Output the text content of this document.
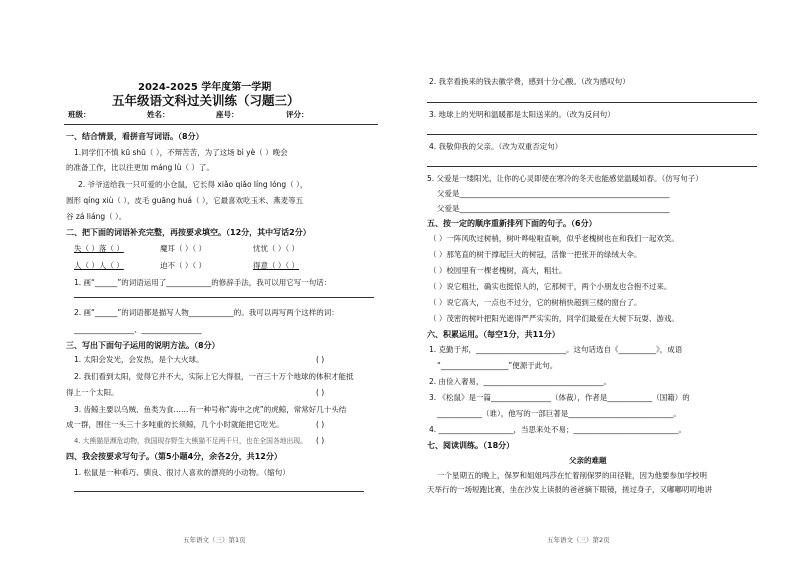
2024-2025 学年度第一学期
五年级语文科过关训练（习题三）
班级：	姓名：	座号：	评分：
一、结合情景，看拼音写词语。（8分）
1.同学们不慎 kū shū（ ），不辩苦苦，为了这场 bì yè（ ）晚会
的准备工作，比以往更加 máng lù（ ）了。
2. 爷爷送给我一只可爱的小仓鼠，它长得 xiǎo qiǎo líng lóng（ ），
圆形 qíng xiù（ ），皮毛 guāng huá（ ），它最喜欢吃玉米、燕麦等五
谷 zá liáng（ ）。
二、把下面的词语补充完整，再按要求填空。（12分，其中写话2分）
失（ ）落（ ）	魔耳（ ）（ ）	忧忧（ ）（ ）
人（ ）人（ ）	迫不（ ）（ ）	得意（ ）（ ）
1. 画“______”的词语运用了____________的修辞手法，我可以用它写一句话：
2. 画“______”的词语都是描写人物____________的。我可以再写两个这样的词：
________________、________________
三、写出下面句子运用的说明方法。（8分）
1. 太阳会发光，会发热，是个大火球。	( )
2. 我们看到太阳，觉得它并不大，实际上它大得很，一百三十万个地球的体积才能抵
得上一个太阳。	( )
3. 齿鲸主要以乌贼、鱼类为食……有一种号称“海中之虎”的虎鲸，常常好几十头结
成一群，围住一头三十多吨重的长须鲸，几个小时就能把它吃光。	( )
4. 大熊猫是濒危动物，我国现存野生大熊猫不足两千只，也在全国各地出现。 ( )
四、我会按要求写句子。（第5小题4分，余各2分，共12分）
1. 松鼠是一种乖巧、驯良、很讨人喜欢的漂亮的小动物。（缩句）
五年语文（三）第1页
2. 我幸看换来的钱去徽学费，感到十分心酸。（改为感叹句）
3. 地球上的光明和温暖都是太阳送来的。（改为反问句）
4. 我敬仰我的父亲。（改为双重否定句）
5. 父爱是一缕阳光，让你的心灵即使在寒冷的冬天也能感觉温暖如春。（仿写句子）
父爱是________________________________________________________
父爱是________________________________________________________
五、按一定的顺序重新排列下面的句子。（6分）
（ ）一阵风吹过树梢，树叶哗啦啦直响，似乎老槐树也在和我们一起欢笑。
（ ）那笔直的树干撑起巨大的树冠，活像一把张开的绿绒大伞。
（ ）校园里有一棵老槐树，高大，粗壮。
（ ）说它粗壮，确实也挺惊人的，它那树干，两个小朋友也合抱不过来。
（ ）说它高大，一点也不过分，它的树梢快超到三楼的窗台了。
（ ）茂密的树叶把阳光遮得严严实实的，同学们最爱在大树下玩耍、游戏。
六、积累运用。（每空1分，共11分）
1. 克勤于邦，________________________。这句话选自《__________》，成语
“__________________”便源于此句。
2. 由俭入奢易，________________________________。
3. 《松鼠》是一篇________________（体裁），作者是____________（国籍）的
____________（谁），他写的一部巨著是____________________________。
4. ____________________，当思来处不易；____________________________。
七、阅读训练。（18分）
父亲的难题
一个星期五的晚上，保罗和姐姐玛莎在忙着削保罗的田径鞋，因为他要参加学校明
天举行的一场短跑比赛，坐在沙发上读报的爸爸摘下眼镜，搓过身子，又嘟嘟叨叨地讲
五年语文（三）第2页
